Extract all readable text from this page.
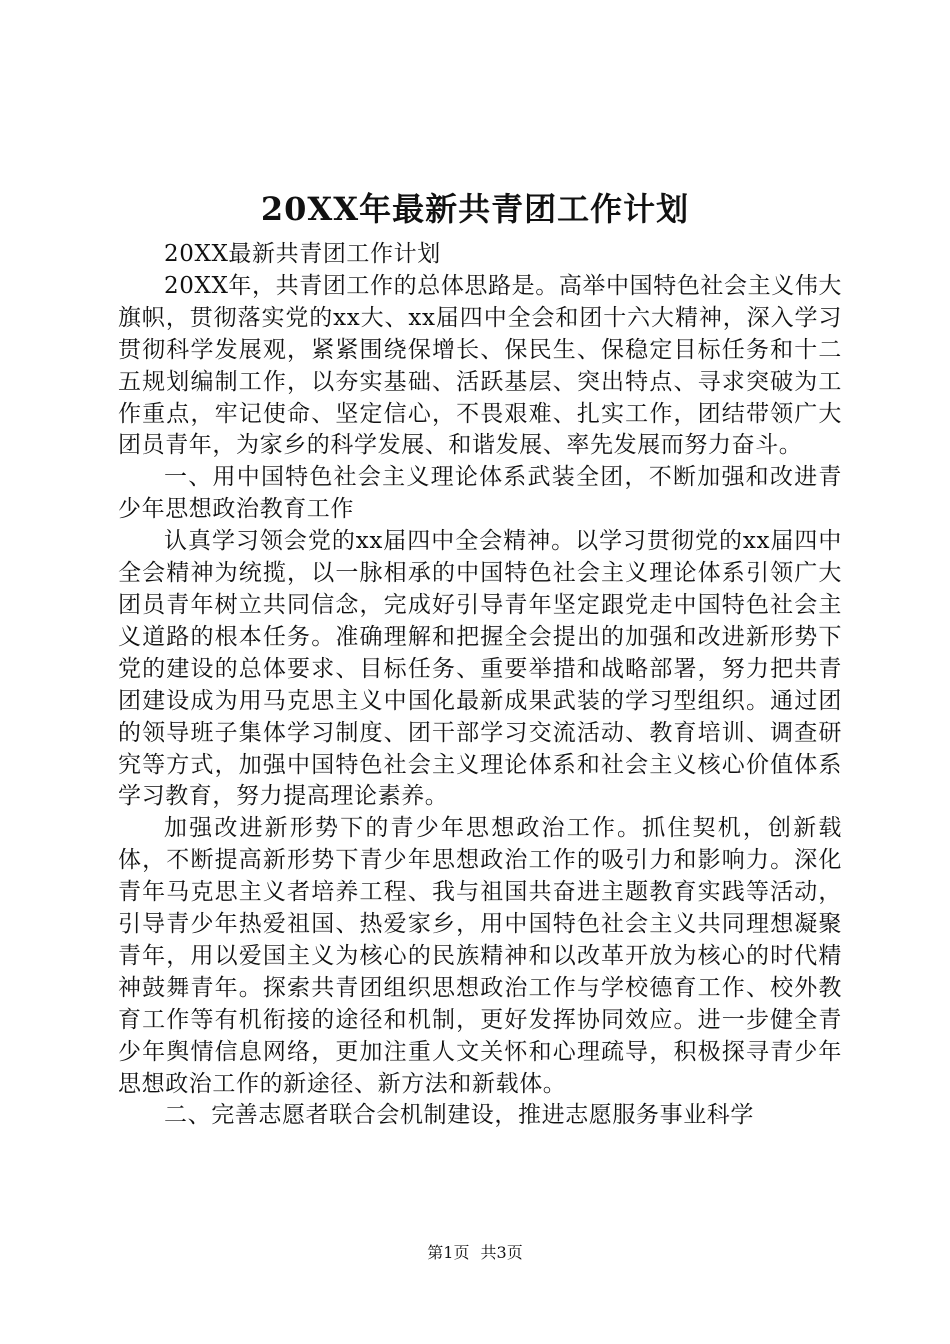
20XX年最新共青团工作计划

20XX最新共青团工作计划

20XX年，共青团工作的总体思路是。高举中国特色社会主义伟大旗帜，贯彻落实党的xx大、xx届四中全会和团十六大精神，深入学习贯彻科学发展观，紧紧围绕保增长、保民生、保稳定目标任务和十二五规划编制工作，以夯实基础、活跃基层、突出特点、寻求突破为工作重点，牢记使命、坚定信心，不畏艰难、扎实工作，团结带领广大团员青年，为家乡的科学发展、和谐发展、率先发展而努力奋斗。

一、用中国特色社会主义理论体系武装全团，不断加强和改进青少年思想政治教育工作

认真学习领会党的xx届四中全会精神。以学习贯彻党的xx届四中全会精神为统揽，以一脉相承的中国特色社会主义理论体系引领广大团员青年树立共同信念，完成好引导青年坚定跟党走中国特色社会主义道路的根本任务。准确理解和把握全会提出的加强和改进新形势下党的建设的总体要求、目标任务、重要举措和战略部署，努力把共青团建设成为用马克思主义中国化最新成果武装的学习型组织。通过团的领导班子集体学习制度、团干部学习交流活动、教育培训、调查研究等方式，加强中国特色社会主义理论体系和社会主义核心价值体系学习教育，努力提高理论素养。

加强改进新形势下的青少年思想政治工作。抓住契机，创新载体，不断提高新形势下青少年思想政治工作的吸引力和影响力。深化青年马克思主义者培养工程、我与祖国共奋进主题教育实践等活动，引导青少年热爱祖国、热爱家乡，用中国特色社会主义共同理想凝聚青年，用以爱国主义为核心的民族精神和以改革开放为核心的时代精神鼓舞青年。探索共青团组织思想政治工作与学校德育工作、校外教育工作等有机衔接的途径和机制，更好发挥协同效应。进一步健全青少年舆情信息网络，更加注重人文关怀和心理疏导，积极探寻青少年思想政治工作的新途径、新方法和新载体。

二、完善志愿者联合会机制建设，推进志愿服务事业科学

第1页 共3页
